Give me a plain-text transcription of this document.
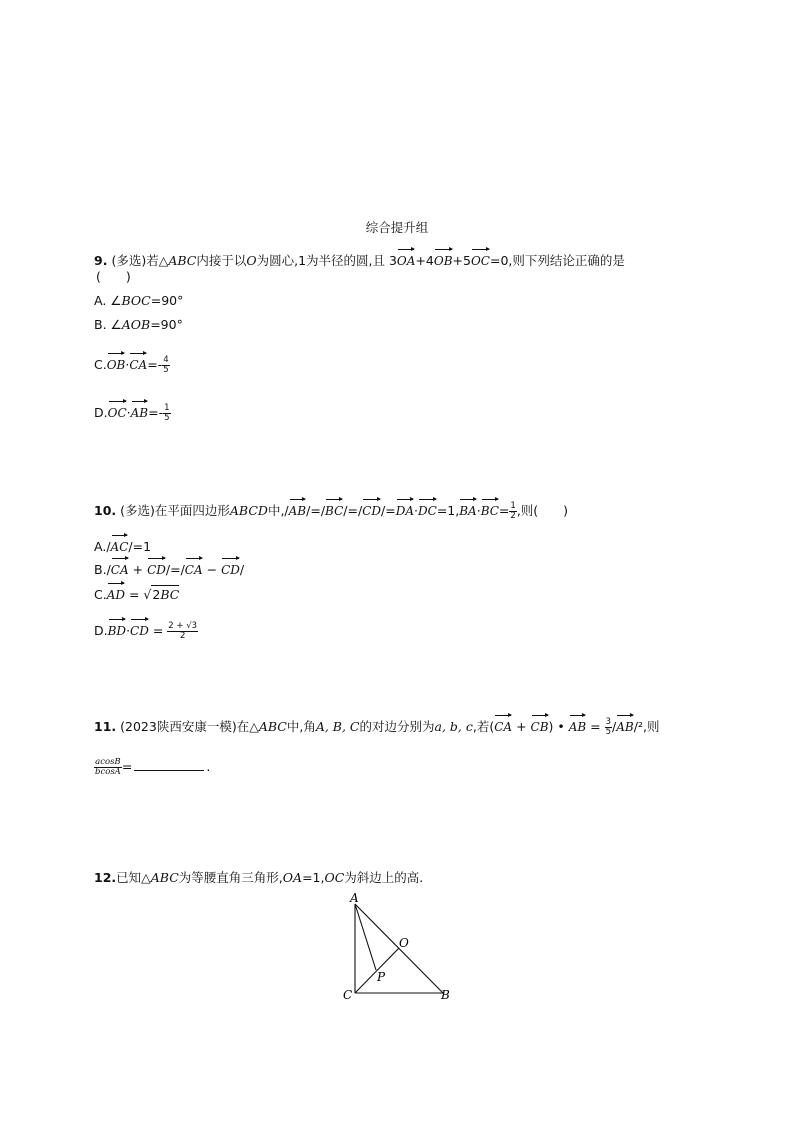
综合提升组
9. (多选)若△ABC内接于以O为圆心,1为半径的圆,且 3OA+4OB+5OC=0,则下列结论正确的是
(　　)
A. ∠BOC=90°
B. ∠AOB=90°
$C.OB\cdot CA=- \frac{4}{5}$
$D.OC\cdot AB=- \frac{1}{5}$
10. (多选)在平面四边形ABCD中$,/AB/=/BC/=/CD/=DA\cdot DC=1,BA\cdot BC= \frac{1}{2}$ ,则(　　)
A./AC/=1
B./CA + CD/=/CA − CD/
C.AD = √2BC
$D.BD\cdot CD = \frac{2 + √3}{2}$
11. (2023陕西安康一模)在△ABC中,角A, B, C的对边分别为a, b, c,若(CA + CB) • AB = $\frac{3}{5} /AB/^2$,则
$\frac{acosB}{bcosA}$ =	.
12.已知△ABC为等腰直角三角形,OA=1,OC为斜边上的高.
A
O
P
C	B
